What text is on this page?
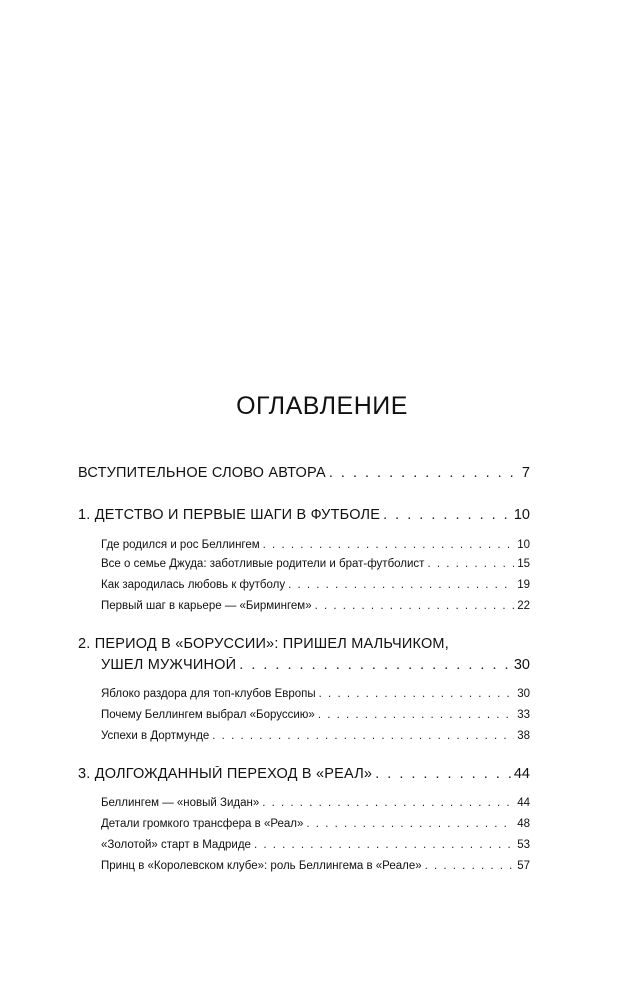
ОГЛАВЛЕНИЕ
ВСТУПИТЕЛЬНОЕ СЛОВО АВТОРА . . .	7
1. ДЕТСТВО И ПЕРВЫЕ ШАГИ В ФУТБОЛЕ . . .	10
Где родился и рос Беллингем . . .	10
Все о семье Джуда: заботливые родители и брат-футболист . . .	15
Как зародилась любовь к футболу . . .	19
Первый шаг в карьере — «Бирмингем» . . .	22
2. ПЕРИОД В «БОРУССИИ»: ПРИШЕЛ МАЛЬЧИКОМ,
УШЕЛ МУЖЧИНОЙ . . .	30
Яблоко раздора для топ-клубов Европы . . .	30
Почему Беллингем выбрал «Боруссию» . . .	33
Успехи в Дортмунде . . .	38
3. ДОЛГОЖДАННЫЙ ПЕРЕХОД В «РЕАЛ» . . .	44
Беллингем — «новый Зидан» . . .	44
Детали громкого трансфера в «Реал» . . .	48
«Золотой» старт в Мадриде . . .	53
Принц в «Королевском клубе»: роль Беллингема в «Реале» . . .	57
